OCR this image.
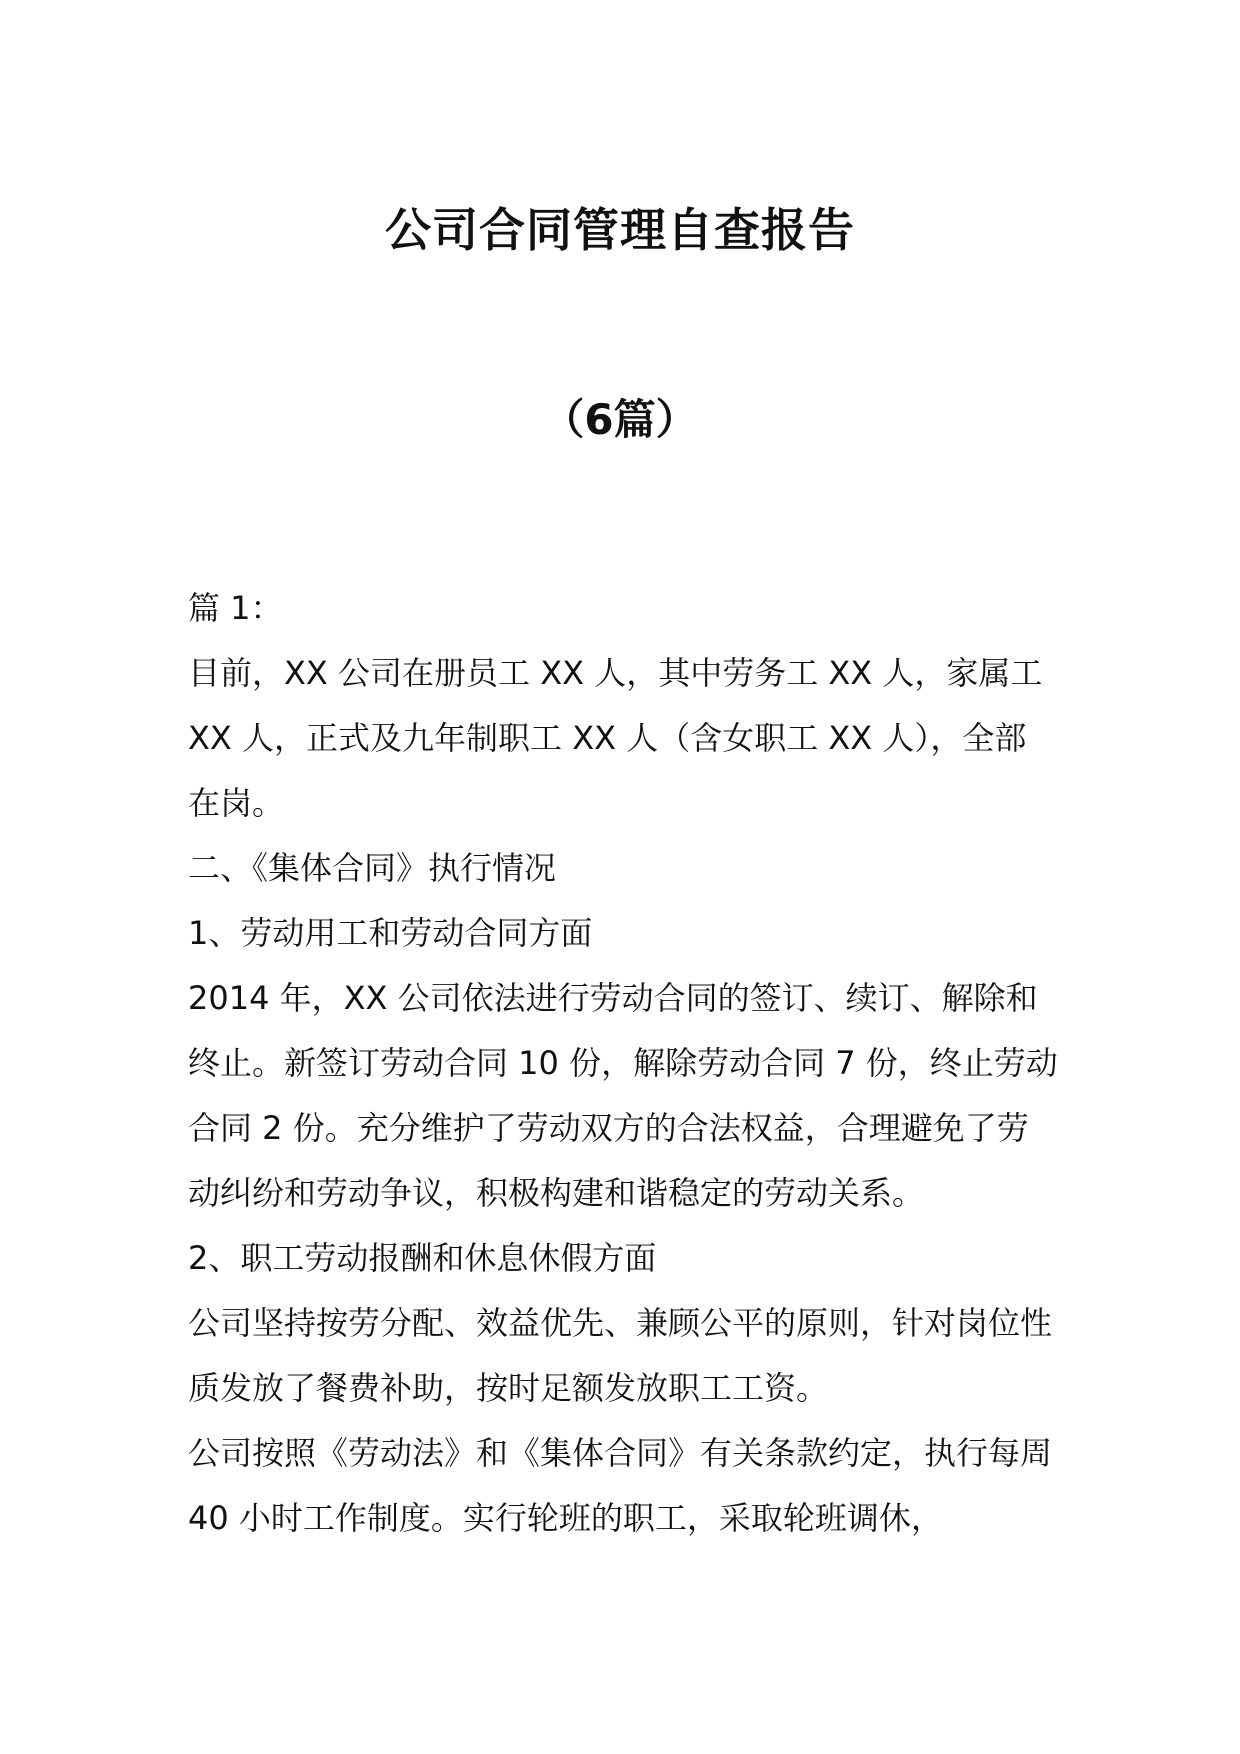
公司合同管理自查报告
（6篇）

篇 1：

目前，XX 公司在册员工 XX 人，其中劳务工 XX 人，家属工 XX 人，正式及九年制职工 XX 人（含女职工 XX 人），全部在岗。

二、《集体合同》执行情况

1、劳动用工和劳动合同方面

2014 年，XX 公司依法进行劳动合同的签订、续订、解除和终止。新签订劳动合同 10 份，解除劳动合同 7 份，终止劳动合同 2 份。充分维护了劳动双方的合法权益，合理避免了劳动纠纷和劳动争议，积极构建和谐稳定的劳动关系。

2、职工劳动报酬和休息休假方面

公司坚持按劳分配、效益优先、兼顾公平的原则，针对岗位性质发放了餐费补助，按时足额发放职工工资。

公司按照《劳动法》和《集体合同》有关条款约定，执行每周 40 小时工作制度。实行轮班的职工，采取轮班调休，
